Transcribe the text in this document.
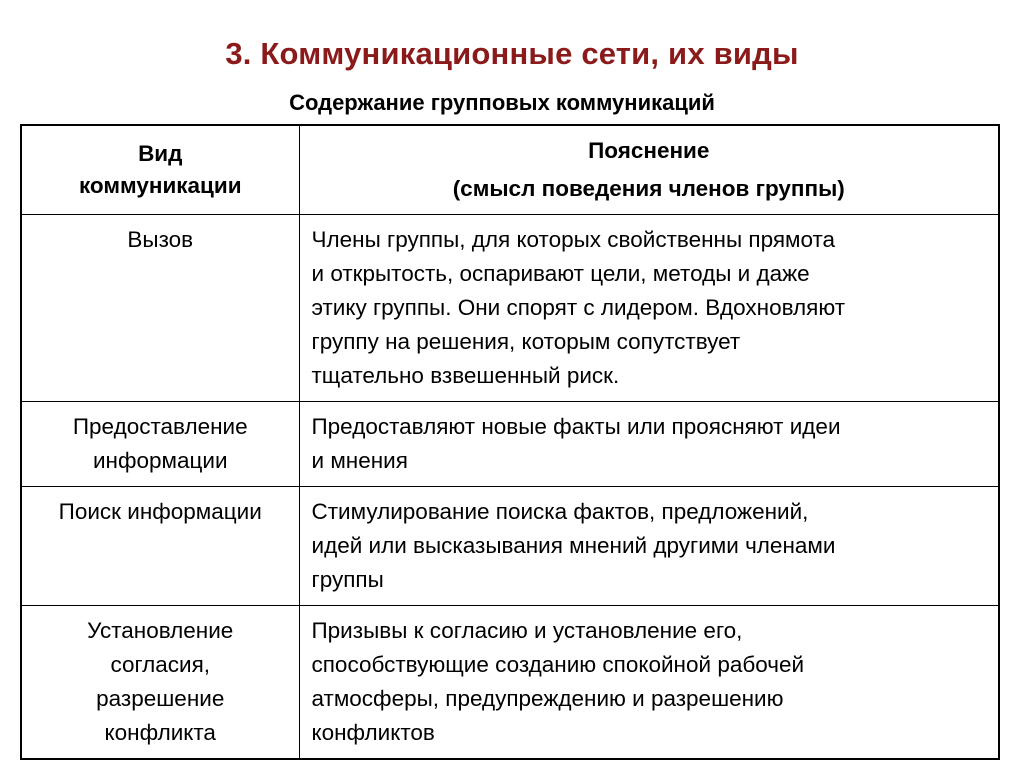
3. Коммуникационные сети, их виды
Содержание групповых коммуникаций
Вид
коммуникации	Пояснение
(смысл поведения членов группы)

Вызов	Члены группы, для которых свойственны прямота
и открытость, оспаривают цели, методы и даже
этику группы. Они спорят с лидером. Вдохновляют
группу на решения, которым сопутствует
тщательно взвешенный риск.

Предоставление
информации	Предоставляют новые факты или проясняют идеи
и мнения

Поиск информации	Стимулирование поиска фактов, предложений,
идей или высказывания мнений другими членами
группы

Установление
согласия,
разрешение
конфликта	Призывы к согласию и установление его,
способствующие созданию спокойной рабочей
атмосферы, предупреждению и разрешению
конфликтов
